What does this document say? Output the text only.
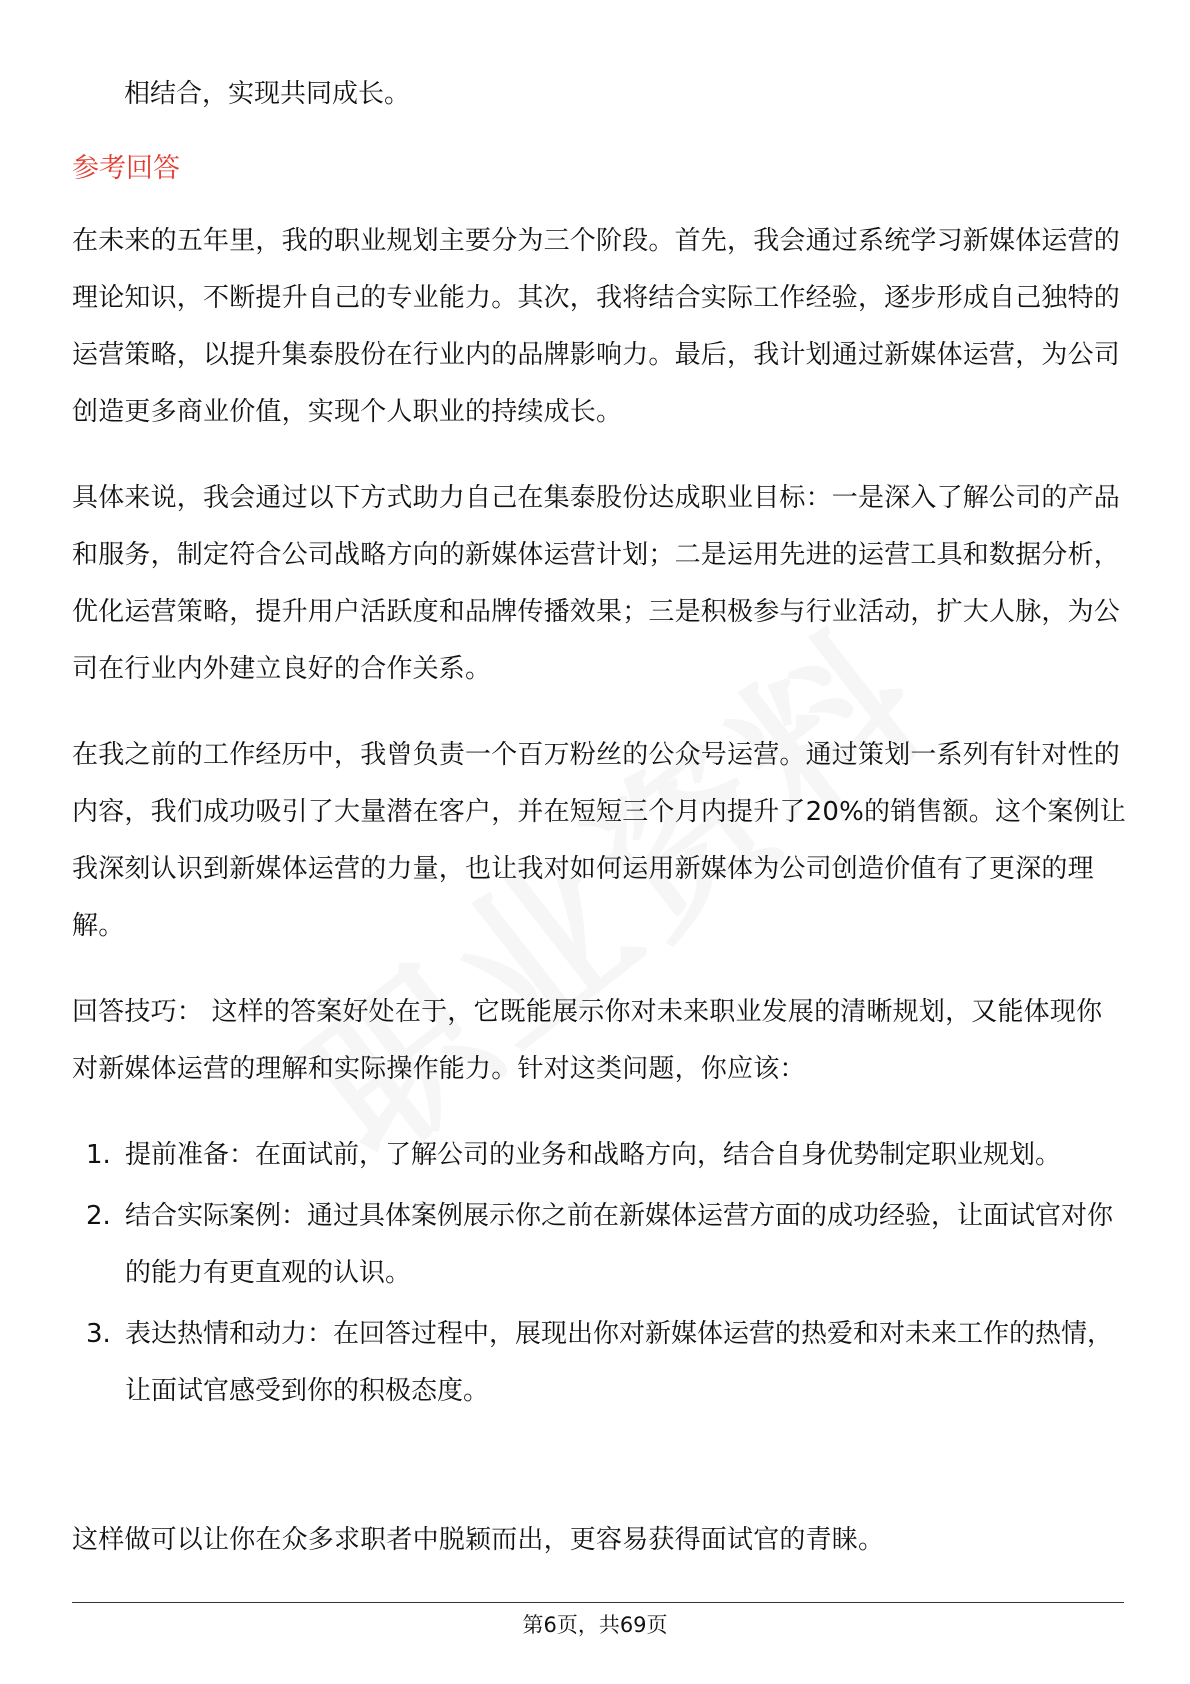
相结合，实现共同成长。

参考回答

在未来的五年里，我的职业规划主要分为三个阶段。首先，我会通过系统学习新媒体运营的理论知识，不断提升自己的专业能力。其次，我将结合实际工作经验，逐步形成自己独特的运营策略，以提升集泰股份在行业内的品牌影响力。最后，我计划通过新媒体运营，为公司创造更多商业价值，实现个人职业的持续成长。

具体来说，我会通过以下方式助力自己在集泰股份达成职业目标：一是深入了解公司的产品和服务，制定符合公司战略方向的新媒体运营计划；二是运用先进的运营工具和数据分析，优化运营策略，提升用户活跃度和品牌传播效果；三是积极参与行业活动，扩大人脉，为公司在行业内外建立良好的合作关系。

在我之前的工作经历中，我曾负责一个百万粉丝的公众号运营。通过策划一系列有针对性的内容，我们成功吸引了大量潜在客户，并在短短三个月内提升了20%的销售额。这个案例让我深刻认识到新媒体运营的力量，也让我对如何运用新媒体为公司创造价值有了更深的理解。

回答技巧： 这样的答案好处在于，它既能展示你对未来职业发展的清晰规划，又能体现你对新媒体运营的理解和实际操作能力。针对这类问题，你应该：

1. 提前准备：在面试前，了解公司的业务和战略方向，结合自身优势制定职业规划。
2. 结合实际案例：通过具体案例展示你之前在新媒体运营方面的成功经验，让面试官对你的能力有更直观的认识。
3. 表达热情和动力：在回答过程中，展现出你对新媒体运营的热爱和对未来工作的热情，让面试官感受到你的积极态度。

这样做可以让你在众多求职者中脱颖而出，更容易获得面试官的青睐。

第6页，共69页
